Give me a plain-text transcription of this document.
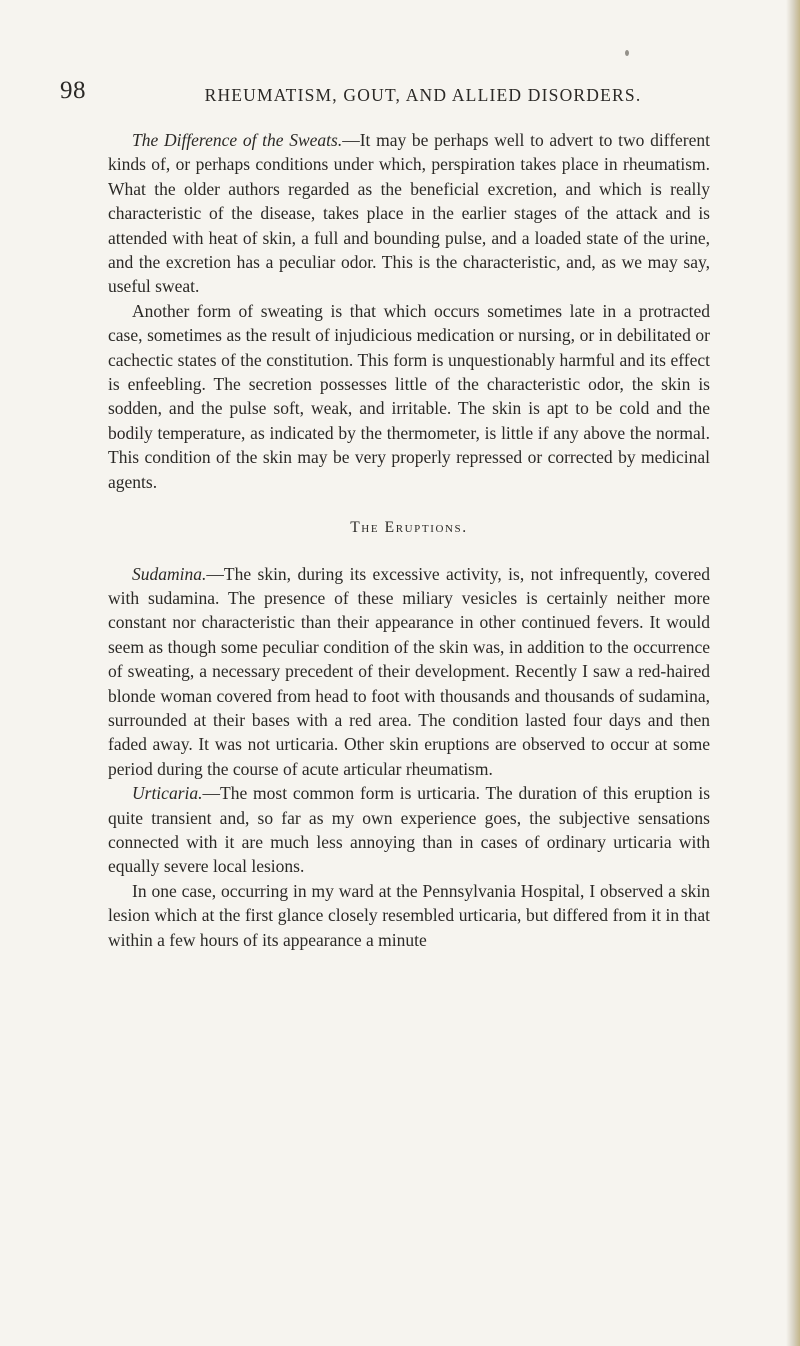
98	RHEUMATISM, GOUT, AND ALLIED DISORDERS.

The Difference of the Sweats.—It may be perhaps well to advert to two different kinds of, or perhaps conditions under which, perspiration takes place in rheumatism. What the older authors regarded as the beneficial excretion, and which is really characteristic of the disease, takes place in the earlier stages of the attack and is attended with heat of skin, a full and bounding pulse, and a loaded state of the urine, and the excretion has a peculiar odor. This is the characteristic, and, as we may say, useful sweat.

Another form of sweating is that which occurs sometimes late in a protracted case, sometimes as the result of injudicious medication or nursing, or in debilitated or cachectic states of the constitution. This form is unquestionably harmful and its effect is enfeebling. The secretion possesses little of the characteristic odor, the skin is sodden, and the pulse soft, weak, and irritable. The skin is apt to be cold and the bodily temperature, as indicated by the thermometer, is little if any above the normal. This condition of the skin may be very properly repressed or corrected by medicinal agents.

The Eruptions.

Sudamina.—The skin, during its excessive activity, is, not infrequently, covered with sudamina. The presence of these miliary vesicles is certainly neither more constant nor characteristic than their appearance in other continued fevers. It would seem as though some peculiar condition of the skin was, in addition to the occurrence of sweating, a necessary precedent of their development. Recently I saw a red-haired blonde woman covered from head to foot with thousands and thousands of sudamina, surrounded at their bases with a red area. The condition lasted four days and then faded away. It was not urticaria. Other skin eruptions are observed to occur at some period during the course of acute articular rheumatism.

Urticaria.—The most common form is urticaria. The duration of this eruption is quite transient and, so far as my own experience goes, the subjective sensations connected with it are much less annoying than in cases of ordinary urticaria with equally severe local lesions.

In one case, occurring in my ward at the Pennsylvania Hospital, I observed a skin lesion which at the first glance closely resembled urticaria, but differed from it in that within a few hours of its appearance a minute
